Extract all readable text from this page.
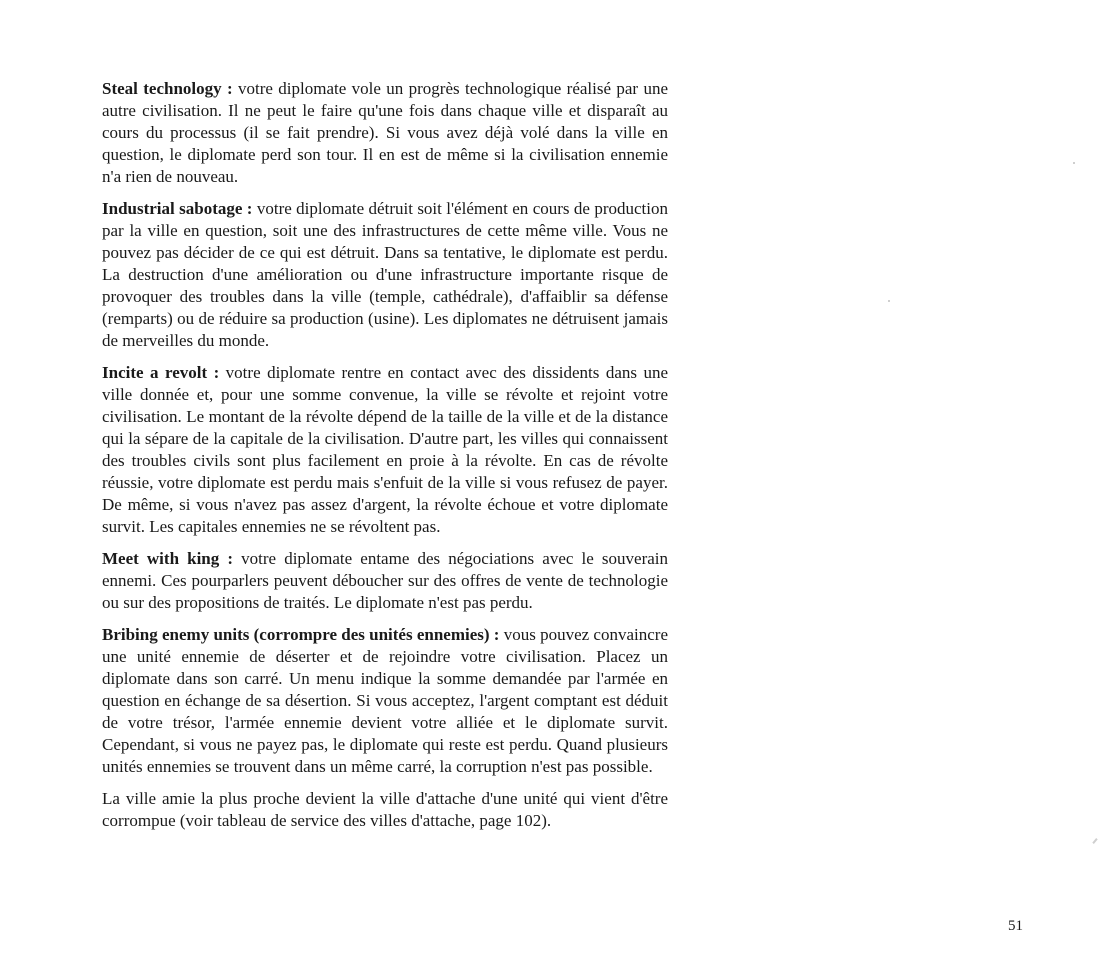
Steal technology : votre diplomate vole un progrès technologique réalisé par une autre civilisation. Il ne peut le faire qu'une fois dans chaque ville et disparaît au cours du processus (il se fait prendre). Si vous avez déjà volé dans la ville en question, le diplomate perd son tour. Il en est de même si la civilisation ennemie n'a rien de nouveau.

Industrial sabotage : votre diplomate détruit soit l'élément en cours de production par la ville en question, soit une des infrastructures de cette même ville. Vous ne pouvez pas décider de ce qui est détruit. Dans sa tentative, le diplomate est perdu. La destruction d'une amélioration ou d'une infrastructure importante risque de provoquer des troubles dans la ville (temple, cathédrale), d'affaiblir sa défense (remparts) ou de réduire sa production (usine). Les diplomates ne détruisent jamais de merveilles du monde.

Incite a revolt : votre diplomate rentre en contact avec des dissidents dans une ville donnée et, pour une somme convenue, la ville se révolte et rejoint votre civilisation. Le montant de la révolte dépend de la taille de la ville et de la distance qui la sépare de la capitale de la civilisation. D'autre part, les villes qui connaissent des troubles civils sont plus facilement en proie à la révolte. En cas de révolte réussie, votre diplomate est perdu mais s'enfuit de la ville si vous refusez de payer. De même, si vous n'avez pas assez d'argent, la révolte échoue et votre diplomate survit. Les capitales ennemies ne se révoltent pas.

Meet with king : votre diplomate entame des négociations avec le souverain ennemi. Ces pourparlers peuvent déboucher sur des offres de vente de technologie ou sur des propositions de traités. Le diplomate n'est pas perdu.

Bribing enemy units (corrompre des unités ennemies) : vous pouvez convaincre une unité ennemie de déserter et de rejoindre votre civilisation. Placez un diplomate dans son carré. Un menu indique la somme demandée par l'armée en question en échange de sa désertion. Si vous acceptez, l'argent comptant est déduit de votre trésor, l'armée ennemie devient votre alliée et le diplomate survit. Cependant, si vous ne payez pas, le diplomate qui reste est perdu. Quand plusieurs unités ennemies se trouvent dans un même carré, la corruption n'est pas possible.

La ville amie la plus proche devient la ville d'attache d'une unité qui vient d'être corrompue (voir tableau de service des villes d'attache, page 102).

51
